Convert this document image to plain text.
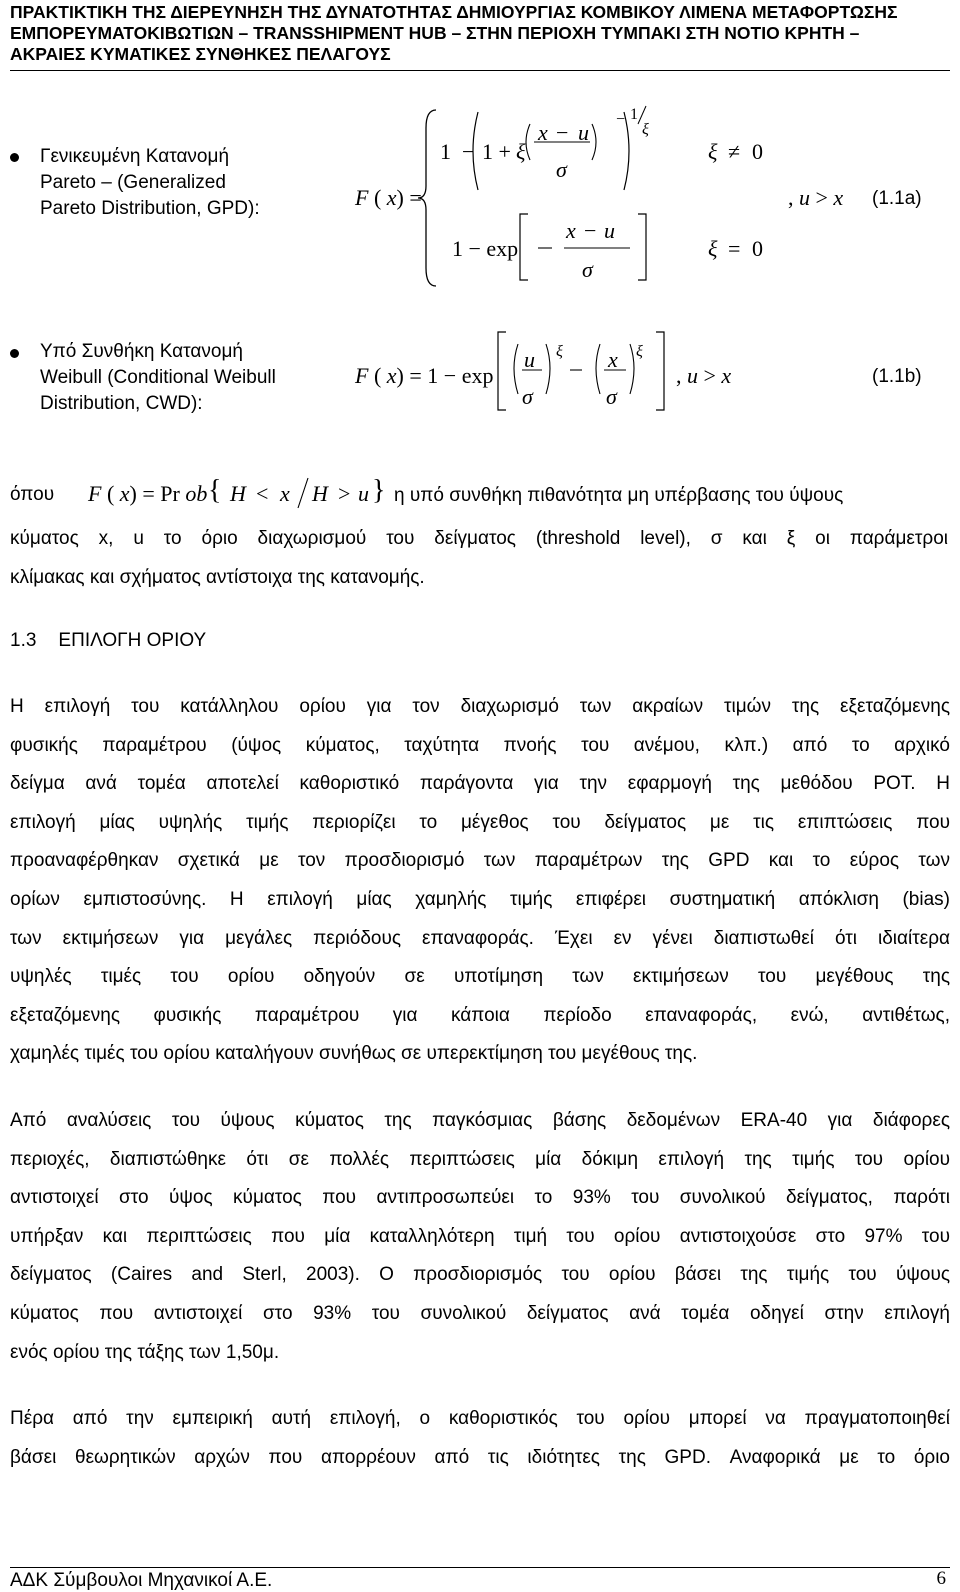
ΠΡΑΚΤΙΚΤΙΚΗ ΤΗΣ ΔΙΕΡΕΥΝΗΣΗ ΤΗΣ ΔΥΝΑΤΟΤΗΤΑΣ ΔΗΜΙΟΥΡΓΙΑΣ ΚΟΜΒΙΚΟΥ ΛΙΜΕΝΑ ΜΕΤΑΦΟΡΤΩΣΗΣ
ΕΜΠΟΡΕΥΜΑΤΟΚΙΒΩΤΙΩΝ – TRANSSHIPMENT HUB – ΣΤΗΝ ΠΕΡΙΟΧΗ ΤΥΜΠΑΚΙ ΣΤΗ ΝΟΤΙΟ ΚΡΗΤΗ –
ΑΚΡΑΙΕΣ ΚΥΜΑΤΙΚΕΣ ΣΥΝΘΗΚΕΣ ΠΕΛΑΓΟΥΣ
Γενικευμένη Κατανομή
Pareto – (Generalized
Pareto Distribution, GPD):	F ( x) =
1 − 1 + ξ
x − u
σ
− 1
ξ
ξ ≠ 0
1 − exp
x − u
σ
ξ = 0
, u > x (1.1a)
Υπό Συνθήκη Κατανομή
Weibull (Conditional Weibull
Distribution, CWD):
F ( x) = 1 − exp
u
σ
ξ x
σ
ξ
, u > x	(1.1b)
όπου F ( x) = Pr ob { H < x H > u } η υπό συνθήκη πιθανότητα μη υπέρβασης του ύψους
κύματος x, u το όριο διαχωρισμού του δείγματος (threshold level), σ και ξ οι παράμετροι
κλίμακας και σχήματος αντίστοιχα της κατανομής.
1.3 ΕΠΙΛΟΓΗ ΟΡΙΟΥ
Η επιλογή του κατάλληλου ορίου για τον διαχωρισμό των ακραίων τιμών της εξεταζόμενης
φυσικής παραμέτρου (ύψος κύματος, ταχύτητα πνοής του ανέμου, κλπ.) από το αρχικό
δείγμα ανά τομέα αποτελεί καθοριστικό παράγοντα για την εφαρμογή της μεθόδου POT. Η
επιλογή μίας υψηλής τιμής περιορίζει το μέγεθος του δείγματος με τις επιπτώσεις που
προαναφέρθηκαν σχετικά με τον προσδιορισμό των παραμέτρων της GPD και το εύρος των
ορίων εμπιστοσύνης. Η επιλογή μίας χαμηλής τιμής επιφέρει συστηματική απόκλιση (bias)
των εκτιμήσεων για μεγάλες περιόδους επαναφοράς. Έχει εν γένει διαπιστωθεί ότι ιδιαίτερα
υψηλές τιμές του ορίου οδηγούν σε υποτίμηση των εκτιμήσεων του μεγέθους της
εξεταζόμενης φυσικής παραμέτρου για κάποια περίοδο επαναφοράς, ενώ, αντιθέτως,
χαμηλές τιμές του ορίου καταλήγουν συνήθως σε υπερεκτίμηση του μεγέθους της.
Από αναλύσεις του ύψους κύματος της παγκόσμιας βάσης δεδομένων ERA-40 για διάφορες
περιοχές, διαπιστώθηκε ότι σε πολλές περιπτώσεις μία δόκιμη επιλογή της τιμής του ορίου
αντιστοιχεί στο ύψος κύματος που αντιπροσωπεύει το 93% του συνολικού δείγματος, παρότι
υπήρξαν και περιπτώσεις που μία καταλληλότερη τιμή του ορίου αντιστοιχούσε στο 97% του
δείγματος (Caires and Sterl, 2003). Ο προσδιορισμός του ορίου βάσει της τιμής του ύψους
κύματος που αντιστοιχεί στο 93% του συνολικού δείγματος ανά τομέα οδηγεί στην επιλογή
ενός ορίου της τάξης των 1,50μ.
Πέρα από την εμπειρική αυτή επιλογή, ο καθοριστικός του ορίου μπορεί να πραγματοποιηθεί
βάσει θεωρητικών αρχών που απορρέουν από τις ιδιότητες της GPD. Αναφορικά με το όριο
ΑΔΚ Σύμβουλοι Μηχανικοί Α.Ε.	6
